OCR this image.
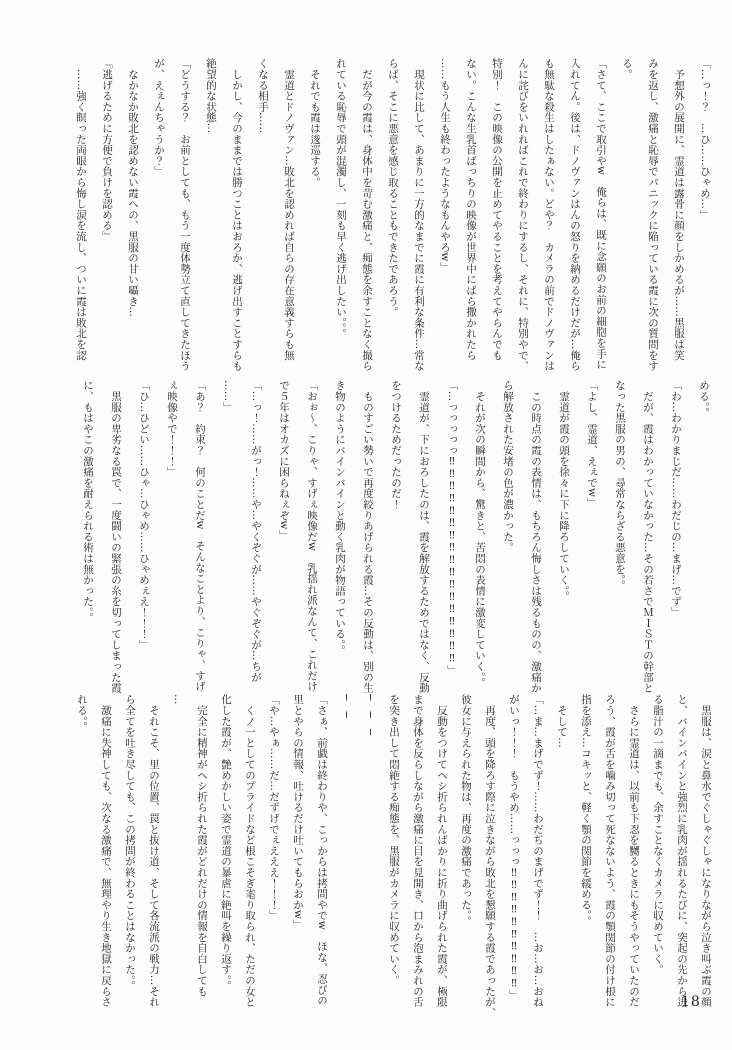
「…っ！？　…ひ……ひゃめ…」
　予想外の展開に、霊道は露骨に顔をしかめるが……黒服は笑
みを返し、激痛と恥辱でパニックに陥っている霞に次の質問をす
る。
「さて、ここで取引やw　俺らは、既に念願のお前の細胞を手に
入れてん。後は、ドノヴァンはんの怒りを納めるだけだが…俺ら
も無駄な殺生はしたぁない。どや？　カメラの前でドノヴァンは
んに詫びをいれればこれで終わりにするし、それに、特別やで、
特別！　この映像の公開を止めてやることを考えてやらんでも
ない。こんな生乳首ばっちりの映像が世界中にばら撒かれたら
……もう人生も終わったようなもんやろw」
　現状に比して、あまりに一方的なまでに霞に有利な条件…常な
らば、そこに悪意を感じ取ることもできたであろう。
　だが今の霞は、身体中を苛む激痛と、痴態を余すことなく撮ら
れている恥辱で頭が混濁し、一刻も早く逃げ出したい。。。
　それでも霞は逡巡する。
　霊道とドノヴァン…敗北を認めれば自らの存在意義すらも無
くなる相手……
　しかし、今のままでは勝つことはおろか、逃げ出すことすらも
絶望的な状態…
「どうする？　お前としても、もう一度体勢立て直してきたほう
が、えぇんちゃうか？」
　なかなか敗北を認めない霞への、黒服の甘い囁き…
『逃げるために方便で負けを認める』
　……強く瞑った両眼から悔し涙を流し、ついに霞は敗北を認
める。。
「わ…わかりまじだ……わだじの…まげ…でず」
　だが、霞はわかっていなかった…その若さでＭＩＳＴの幹部と
なった黒服の男の、尋常ならざる悪意を。。
「よし、霊道、えぇでw」
　霊道が霞の頭を徐々に下に降ろしていく。。
　この時点の霞の表情は、もちろん悔しさは残るものの、激痛か
ら解放された安堵の色が濃かった。
　それが次の瞬間から、驚きと、苦悶の表情に激変していく。。
「…っっっっっ‼‼‼‼‼‼‼‼‼‼‼‼‼‼‼‼‼」
　霊道が、下におろしたのは、霞を解放するためではなく、反動
をつけるためだったのだ！
　ものすごい勢いで再度絞りあげられる霞…その反動は、別の生
き物のようにバインバインと動く乳肉が物語っている。。
「おぉ～、こりゃ、すげぇ映像だw　乳揺れ派なんて、これだけ
で５年はオカズに困らねぇぞw」
「…っ！……がっ！……や…やくぞぐが……やぐぞぐが…ちが
……」
「あ？　約束？　何のことだw　そんなことより、こりゃ、すげ
ぇ映像やで！！！」
「ひ…ひどい……ひゃ…ひゃめ……ひゃめぇえ！！！」
　黒服の卑劣なる罠で、一度闘いの緊張の糸を切ってしまった霞
に、もはやこの激痛を耐えられる術は無かった。。
　黒服は、涙と鼻水でぐしゃぐしゃになりながら泣き叫ぶ霞の顔
と、バインバインと強烈に乳肉が揺れるたびに、突起の先から迸
る脂汁の一滴までも、余すことなくカメラに収めていく。
　さらに霊道は、以前も下忍を嬲るときにもそうやっていたのだ
ろう、霞が舌を噛み切って死なないよう、霞の顎関節の付け根に
指を添え…コキッと、軽く顎の関節を緩める。。
　そして…
「…ま…まげでず！……わだぢのまげでず！！　…お…お…おね
がいっ！！！　もうやめ……っっっ‼‼‼‼‼‼‼‼‼‼」
　再度、頭を降ろす際に泣きながら敗北を懇願する霞であったが、
彼女に与えられた物は、再度の激痛であった。。
　反動をつけてヘシ折られんばかりに折り曲げられた霞が、極限
まで身体を反らしながら激痛に目を見開き、口から泡まみれの舌
を突き出して悶絶する痴態を、黒服がカメラに収めていく。
─　─　─
─　─
「さぁ、前戯は終わりや、こっからは拷問やでw　ほな、忍びの
里とやらの情報、吐けるだけ吐いてもらおかw」
「や…やぁ……だ…だずげでぇえええ！！！」
　くノ一としてのプライドなど根こそぎ毟り取られ、ただの女と
化した霞が、艶めかしい姿で霊道の暴虐に絶叫を繰り返す。。
　完全に精神がヘシ折られた霞がどれだけの情報を自白しても
…
　それこそ、里の位置、罠と抜け道、そして各流派の戦力…それ
ら全てを吐き尽しても、この拷問が終わることはなかった。。
　激痛に失神しても、次なる激痛で、無理やり生き地獄に戻らさ
れる。。
18
